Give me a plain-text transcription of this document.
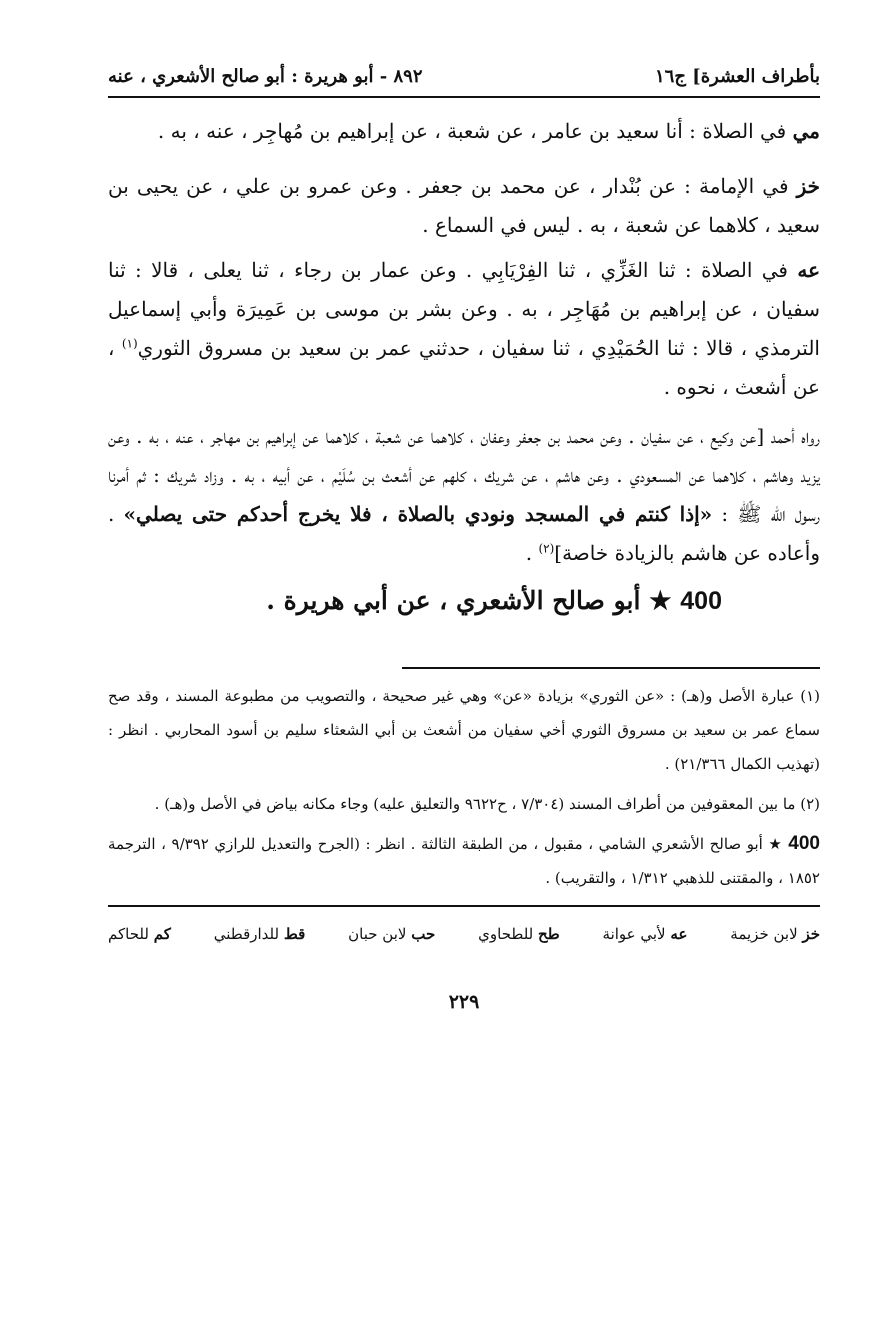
بأطراف العشرة] ج١٦
٨٩٢ - أبو هريرة : أبو صالح الأشعري ، عنه

مي في الصلاة : أنا سعيد بن عامر ، عن شعبة ، عن إبراهيم بن مُهاجِر ، عنه ، به .

خز في الإمامة : عن بُنْدار ، عن محمد بن جعفر . وعن عمرو بن علي ، عن يحيى بن سعيد ، كلاهما عن شعبة ، به . ليس في السماع .

عه في الصلاة : ثنا الغَزِّي ، ثنا الفِرْيَابِي . وعن عمار بن رجاء ، ثنا يعلى ، قالا : ثنا سفيان ، عن إبراهيم بن مُهَاجِر ، به . وعن بشر بن موسى بن عَمِيرَة وأبي إسماعيل الترمذي ، قالا : ثنا الحُمَيْدِي ، ثنا سفيان ، حدثني عمر بن سعيد بن مسروق الثوري$^{(١)}$ ، عن أشعث ، نحوه .

رواه أحمد [عن وكيع ، عن سفيان . وعن محمد بن جعفر وعفان ، كلاهما عن شعبة ، كلاهما عن إبراهيم بن مهاجر ، عنه ، به . وعن يزيد وهاشم ، كلاهما عن المسعودي . وعن هاشم ، عن شريك ، كلهم عن أشعث بن سُلَيْم ، عن أبيه ، به . وزاد شريك : ثم أمرنا رسول الله ﷺ : «إذا كنتم في المسجد ونودي بالصلاة ، فلا يخرج أحدكم حتى يصلي» . وأعاده عن هاشم بالزيادة خاصة]$^{(٢)}$ .

400 ★ أبو صالح الأشعري ، عن أبي هريرة .

(١) عبارة الأصل و(هـ) : «عن الثوري» بزيادة «عن» وهي غير صحيحة ، والتصويب من مطبوعة المسند ، وقد صح سماع عمر بن سعيد بن مسروق الثوري أخي سفيان من أشعث بن أبي الشعثاء سليم بن أسود المحاربي . انظر : (تهذيب الكمال ٢١/٣٦٦) .

(٢) ما بين المعقوفين من أطراف المسند (٧/٣٠٤ ، ح٩٦٢٢ والتعليق عليه) وجاء مكانه بياض في الأصل و(هـ) .

400 ★ أبو صالح الأشعري الشامي ، مقبول ، من الطبقة الثالثة . انظر : (الجرح والتعديل للرازي ٩/٣٩٢ ، الترجمة ١٨٥٢ ، والمقتنى للذهبي ١/٣١٢ ، والتقريب) .

خز لابن خزيمة
عه لأبي عوانة
طح للطحاوي
حب لابن حبان
قط للدارقطني
كم للحاكم
٢٢٩
